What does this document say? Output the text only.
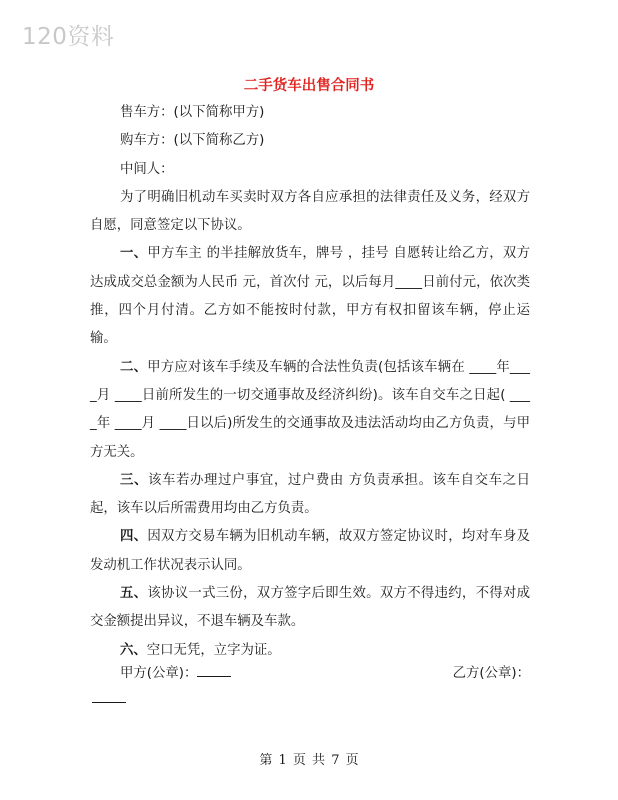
120资料
二手货车出售合同书

售车方：(以下简称甲方)

购车方：(以下简称乙方)

中间人：

为了明确旧机动车买卖时双方各自应承担的法律责任及义务，经双方自愿，同意签定以下协议。

一、甲方车主 的半挂解放货车，牌号 ，挂号 自愿转让给乙方，双方达成成交总金额为人民币 元，首次付 元，以后每月____日前付元，依次类推，四个月付清。乙方如不能按时付款，甲方有权扣留该车辆，停止运输。

二、甲方应对该车手续及车辆的合法性负责(包括该车辆在 ____年____月 ____日前所发生的一切交通事故及经济纠纷)。该车自交车之日起( ____年 ____月 ____日以后)所发生的交通事故及违法活动均由乙方负责，与甲方无关。

三、该车若办理过户事宜，过户费由 方负责承担。该车自交车之日起，该车以后所需费用均由乙方负责。

四、因双方交易车辆为旧机动车辆，故双方签定协议时，均对车身及发动机工作状况表示认同。

五、该协议一式三份，双方签字后即生效。双方不得违约，不得对成交金额提出异议，不退车辆及车款。

六、空口无凭，立字为证。

甲方(公章)：	乙方(公章)：
第 1 页 共 7 页
